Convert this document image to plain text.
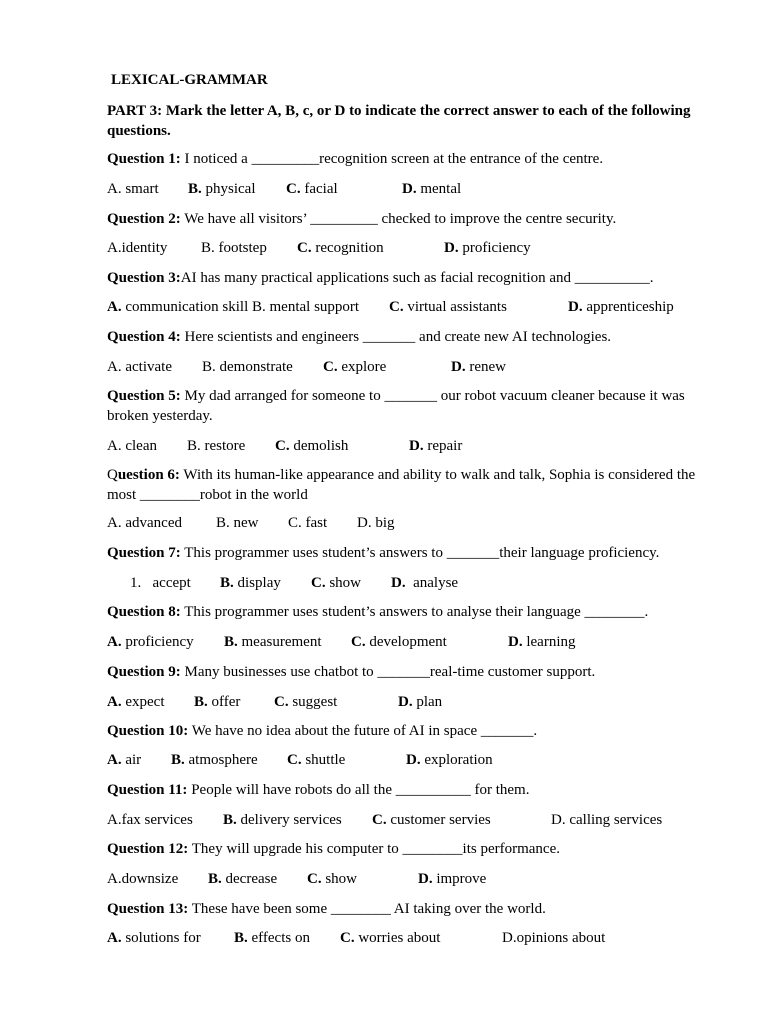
LEXICAL-GRAMMAR
PART 3: Mark the letter A, B, c, or D to indicate the correct answer to each of the following questions.
Question 1: I noticed a _________recognition screen at the entrance of the centre.
A. smart B. physical C. facial	D. mental
Question 2: We have all visitors’ _________ checked to improve the centre security.
A.identity B. footstep C. recognition	D. proficiency
Question 3:AI has many practical applications such as facial recognition and __________.
A. communication skill B. mental support C. virtual assistants	D. apprenticeship
Question 4: Here scientists and engineers _______ and create new AI technologies.
A. activate B. demonstrate C. explore	D. renew
Question 5: My dad arranged for someone to _______ our robot vacuum cleaner because it was broken yesterday.
A. clean B. restore C. demolish	D. repair
Question 6: With its human-like appearance and ability to walk and talk, Sophia is considered the most ________robot in the world
A. advanced B. new C. fast D. big
Question 7: This programmer uses student’s answers to _______their language proficiency.
1.   accept B. display C. show D.  analyse
Question 8: This programmer uses student’s answers to analyse their language ________.
A. proficiency B. measurement C. development	D. learning
Question 9: Many businesses use chatbot to _______real-time customer support.
A. expect B. offer C. suggest	D. plan
Question 10: We have no idea about the future of AI in space _______.
A. air B. atmosphere C. shuttle	D. exploration
Question 11: People will have robots do all the __________ for them.
A.fax services B. delivery services C. customer servies	D. calling services
Question 12: They will upgrade his computer to ________its performance.
A.downsize B. decrease C. show	D. improve
Question 13: These have been some ________ AI taking over the world.
A. solutions for B. effects on C. worries about	D.opinions about
